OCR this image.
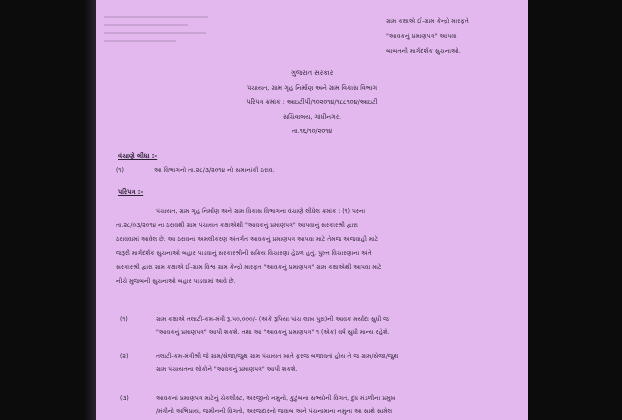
ગ્રામ કક્ષાએ ઈ-ગ્રામ કેન્દ્રો મારફતે
"આવકનું પ્રમાણપત્ર" આપવા
બાબતની માર્ગદર્શક સુચનાઓ.
ગુજરાત સરકાર
પંચાયત, ગ્રામ ગૃહ નિર્માણ અને ગ્રામ વિકાસ વિભાગ
પરિપત્ર ક્રમાંક : આઇટીપી/૧૦૨૦૧૪/૧૮૮૧૦૪/આઇટી
સચિવાલય, ગાંધીનગર.
તા.૧૬/૧૦/૨૦૧૪
વંચાણે લીધા :-
(૧)	આ વિભાગનો તા.૨૮/૩/૨૦૧૪ નો સમાનાંકી ઠરાવ.
પરિપત્ર :-
પંચાયત, ગ્રામ ગૃહ નિર્માણ અને ગ્રામ વિકાસ વિભાગના વંચાણે લીધેલ ક્રમાંક : (૧) પરના
તા.૨૮/૦૩/૨૦૧૪ ના ઠરાવથી ગ્રામ પંચાયત કક્ષાએથી "આવકનું પ્રમાણપત્ર" આપવાનું સરકારશ્રી દ્વારા
ઠરાવવામાં આવેલ છે. આ ઠરાવના અમલીકરણ અંતર્ગત આવકનું પ્રમાણપત્ર આપવા માટે તેમજ અજવાહી માટે
જરૂરી માર્ગદર્શક સુચનાઓ બહાર પાડવાનું સરકારશ્રીની સક્રિય વિચારણા હેઠળ હતું. પુખ્ત વિચારણાના અંતે
સરકારશ્રી દ્વારા ગ્રામ કક્ષાએ ઈ-ગ્રામ વિશ્વ ગ્રામ કેન્દ્રો મારફત "આવકનું પ્રમાણપત્ર" ગ્રામ કક્ષાએથી આપવા માટે
નીચે મુજબની સુચનાઓ બહાર પાડવામાં આવે છે.
(૧)	ગ્રામ કક્ષાએ તલાટી-કમ-મંત્રી રૂ.૫૦,૦૦૦/- (અંકે રૂપિયા પાંચ લાખ પુરા)ની આવક મર્યાદા સુધી જ
"આવકનું પ્રમાણપત્ર" આપી શકશે. તથા આ "આવકનું પ્રમાણપત્ર" ૧ (એક) વર્ષ સુધી માન્ય રહેશે.
(૨)	તલાટી-કમ-મંત્રીશ્રી જે ગ્રામ/સેજા/જુથ ગ્રામ પંચાયત ખાતે ફરજ બજાવતાં હોય તે જ ગ્રામ/સેજા/જુથ
ગ્રામ પંચાયતના લોકોને "આવકનું પ્રમાણપત્ર" આપી શકશે.
(૩)	આવકનાં પ્રમાણપત્ર માટેનું ચેકલીસ્ટ, અરજીનો નમુનો, કુટુંબના સભ્યોની વિગત, દુધ મંડળીના પ્રમુખ
/મંત્રીનો અભિપ્રાય, જમીનની વિગતો, અરજદારનો જવાબ અને પંચનામાના નમુના આ સાથે સામેલ
